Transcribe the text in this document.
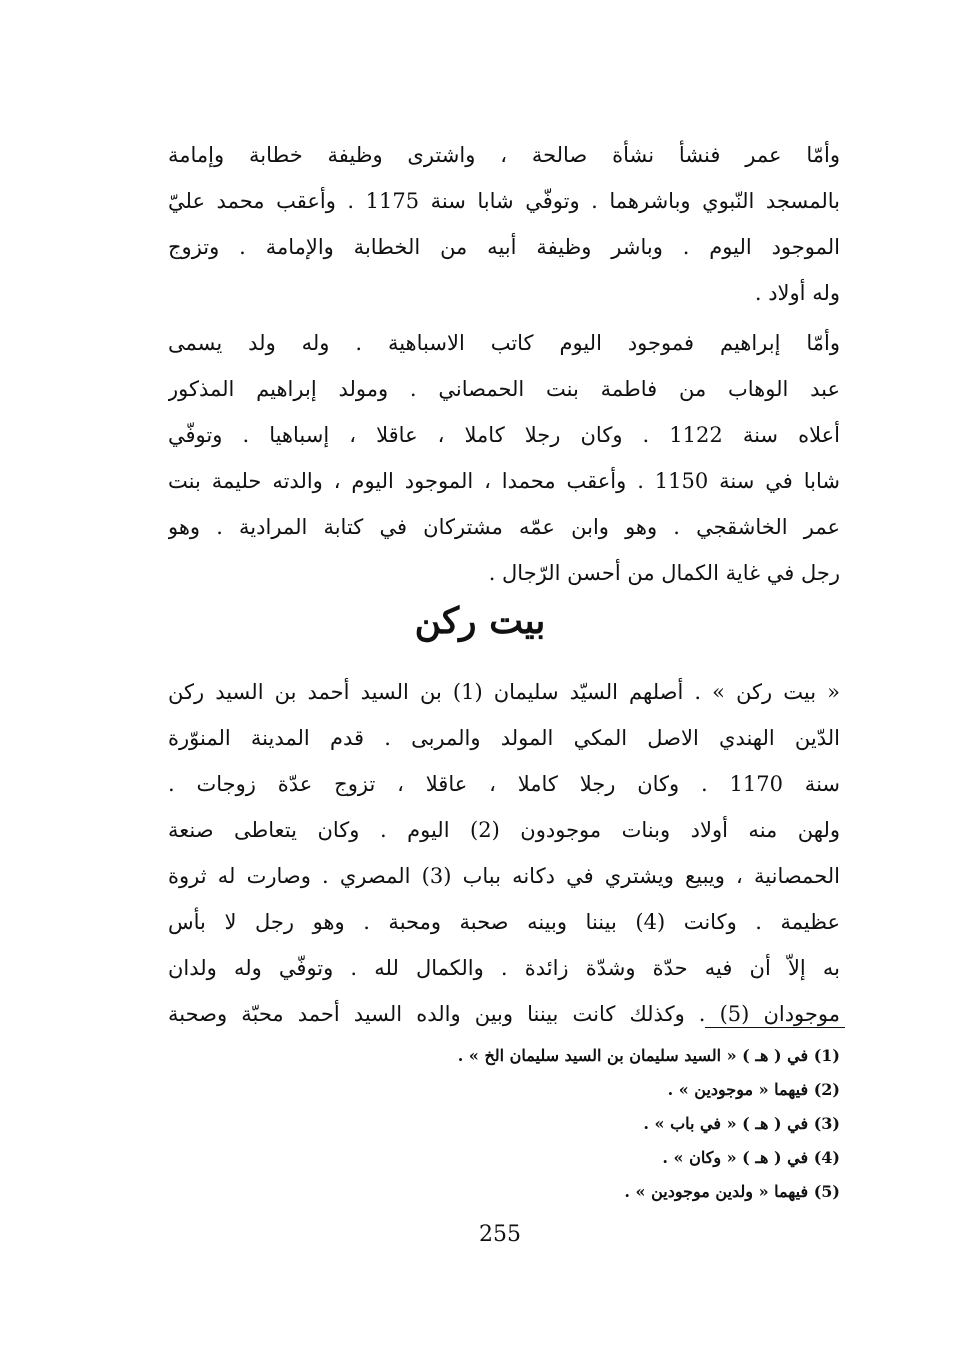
وأمّا عمر فنشأ نشأة صالحة ، واشترى وظيفة خطابة وإمامة
بالمسجد النّبوي وباشرهما . وتوفّي شابا سنة 1175 . وأعقب محمد عليّ
الموجود اليوم . وباشر وظيفة أبيه من الخطابة والإمامة . وتزوج
وله أولاد .
وأمّا إبراهيم فموجود اليوم كاتب الاسباهية . وله ولد يسمى
عبد الوهاب من فاطمة بنت الحمصاني . ومولد إبراهيم المذكور
أعلاه سنة 1122 . وكان رجلا كاملا ، عاقلا ، إسباهيا . وتوفّي
شابا في سنة 1150 . وأعقب محمدا ، الموجود اليوم ، والدته حليمة بنت
عمر الخاشقجي . وهو وابن عمّه مشتركان في كتابة المرادية . وهو
رجل في غاية الكمال من أحسن الرّجال .
بيت ركن
« بيت ركن » . أصلهم السيّد سليمان (1) بن السيد أحمد بن السيد ركن
الدّين الهندي الاصل المكي المولد والمربى . قدم المدينة المنوّرة
سنة 1170 . وكان رجلا كاملا ، عاقلا ، تزوج عدّة زوجات .
ولهن منه أولاد وبنات موجودون (2) اليوم . وكان يتعاطى صنعة
الحمصانية ، ويبيع ويشتري في دكانه بباب (3) المصري . وصارت له ثروة
عظيمة . وكانت (4) بيننا وبينه صحبة ومحبة . وهو رجل لا بأس
به إلاّ أن فيه حدّة وشدّة زائدة . والكمال لله . وتوفّي وله ولدان
موجودان (5) . وكذلك كانت بيننا وبين والده السيد أحمد محبّة وصحبة
(1) في ( هـ ) « السيد سليمان بن السيد سليمان الخ » .
(2) فيهما « موجودين » .
(3) في ( هـ ) « في باب » .
(4) في ( هـ ) « وكان » .
(5) فيهما « ولدين موجودين » .
255
